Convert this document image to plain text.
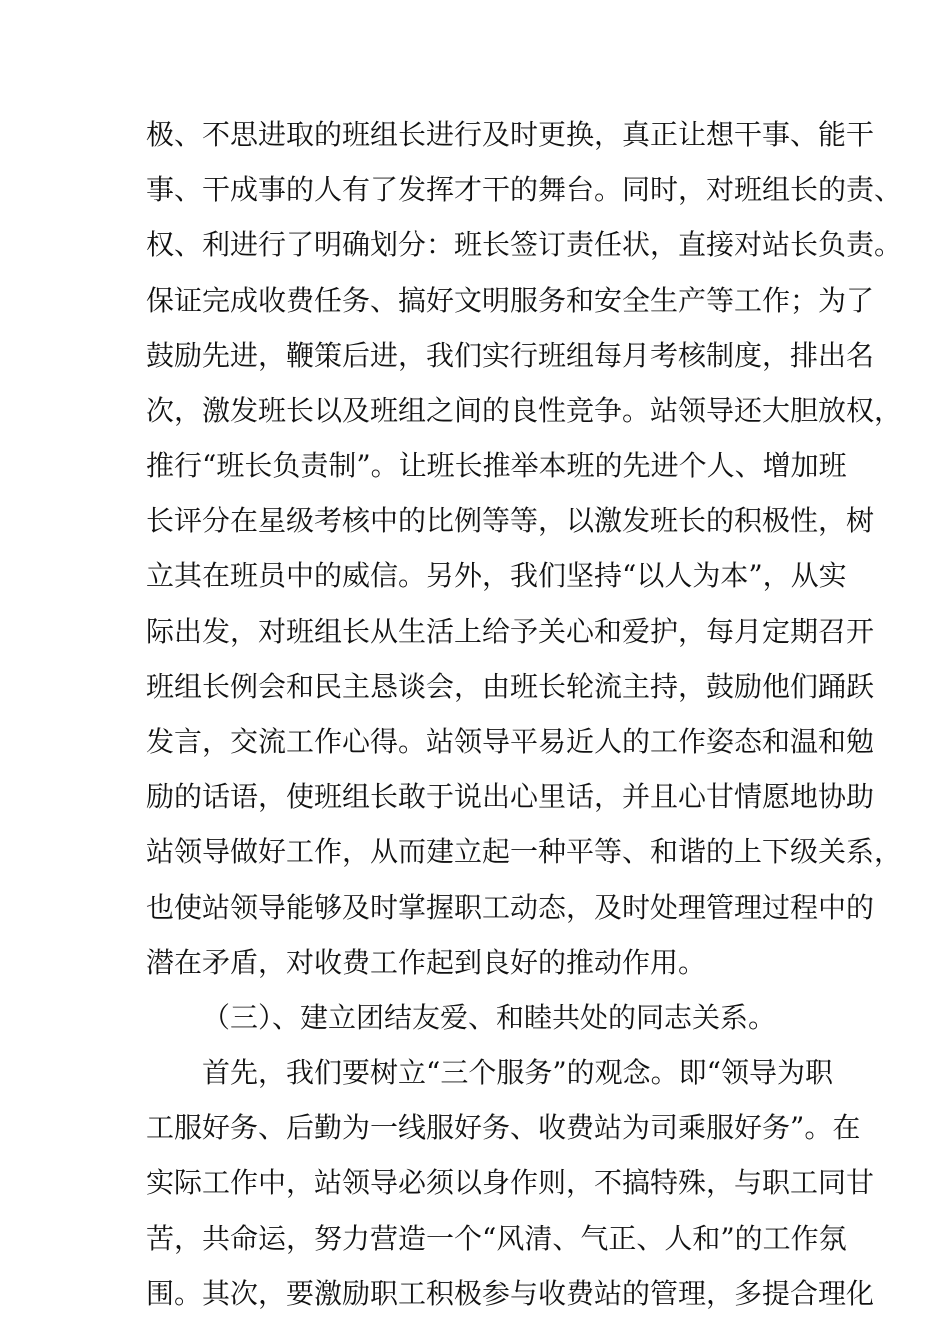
极、不思进取的班组长进行及时更换，真正让想干事、能干
事、干成事的人有了发挥才干的舞台。同时，对班组长的责、
权、利进行了明确划分：班长签订责任状，直接对站长负责。
保证完成收费任务、搞好文明服务和安全生产等工作；为了
鼓励先进，鞭策后进，我们实行班组每月考核制度，排出名
次，激发班长以及班组之间的良性竞争。站领导还大胆放权，
推行“班长负责制”。让班长推举本班的先进个人、增加班
长评分在星级考核中的比例等等，以激发班长的积极性，树
立其在班员中的威信。另外，我们坚持“以人为本”，从实
际出发，对班组长从生活上给予关心和爱护，每月定期召开
班组长例会和民主恳谈会，由班长轮流主持，鼓励他们踊跃
发言，交流工作心得。站领导平易近人的工作姿态和温和勉
励的话语，使班组长敢于说出心里话，并且心甘情愿地协助
站领导做好工作，从而建立起一种平等、和谐的上下级关系，
也使站领导能够及时掌握职工动态，及时处理管理过程中的
潜在矛盾，对收费工作起到良好的推动作用。
（三）、建立团结友爱、和睦共处的同志关系。
首先，我们要树立“三个服务”的观念。即“领导为职
工服好务、后勤为一线服好务、收费站为司乘服好务”。在
实际工作中，站领导必须以身作则，不搞特殊，与职工同甘
苦，共命运，努力营造一个“风清、气正、人和”的工作氛
围。其次，要激励职工积极参与收费站的管理，多提合理化
